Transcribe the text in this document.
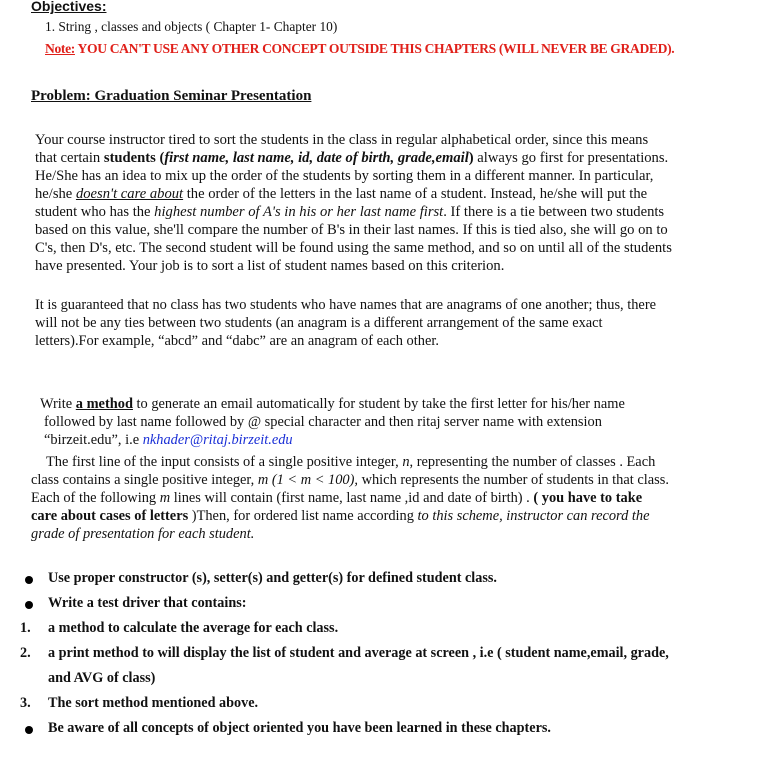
Objectives:
1. String , classes and objects ( Chapter 1- Chapter 10)
Note: YOU CAN'T USE ANY OTHER CONCEPT OUTSIDE THIS CHAPTERS (WILL NEVER BE GRADED).
Problem: Graduation Seminar Presentation
Your course instructor tired to sort the students in the class in regular alphabetical order, since this means
that certain students (first name, last name, id, date of birth, grade,email) always go first for presentations.
He/She has an idea to mix up the order of the students by sorting them in a different manner. In particular,
he/she doesn't care about the order of the letters in the last name of a student. Instead, he/she will put the
student who has the highest number of A's in his or her last name first. If there is a tie between two students
based on this value, she'll compare the number of B's in their last names. If this is tied also, she will go on to
C's, then D's, etc. The second student will be found using the same method, and so on until all of the students
have presented. Your job is to sort a list of student names based on this criterion.
It is guaranteed that no class has two students who have names that are anagrams of one another; thus, there
will not be any ties between two students (an anagram is a different arrangement of the same exact
letters).For example, “abcd” and “dabc” are an anagram of each other.
Write a method to generate an email automatically for student by take the first letter for his/her name
followed by last name followed by @ special character and then ritaj server name with extension
“birzeit.edu”, i.e nkhader@ritaj.birzeit.edu
The first line of the input consists of a single positive integer, n, representing the number of classes . Each
class contains a single positive integer, m (1 < m < 100), which represents the number of students in that class.
Each of the following m lines will contain (first name, last name ,id and date of birth) . ( you have to take
care about cases of letters )Then, for ordered list name according to this scheme, instructor can record the
grade of presentation for each student.
Use proper constructor (s), setter(s) and getter(s) for defined student class.
Write a test driver that contains:
1. a method to calculate the average for each class.
2. a print method to will display the list of student and average at screen , i.e ( student name,email, grade,
and AVG of class)
3. The sort method mentioned above.
Be aware of all concepts of object oriented you have been learned in these chapters.
